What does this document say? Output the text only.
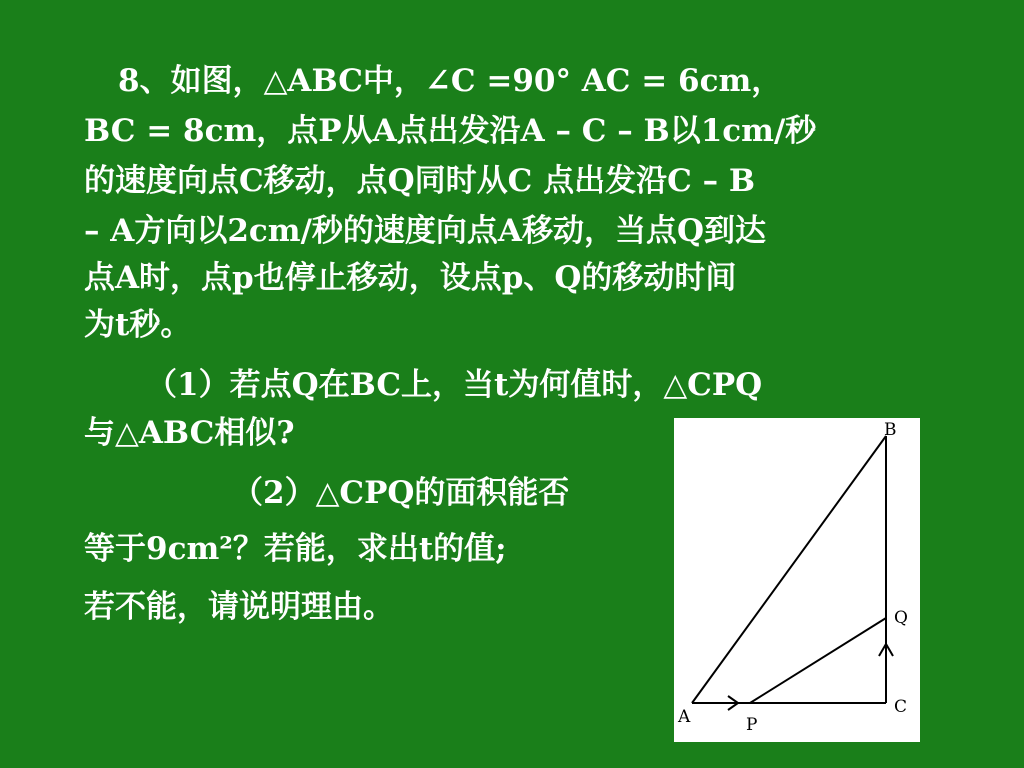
8、如图，△ABC中，∠C =90° AC = 6cm，
BC = 8cm，点P从A点出发沿A – C – B以1cm/秒
的速度向点C移动，点Q同时从C 点出发沿C – B
– A方向以2cm/秒的速度向点A移动，当点Q到达
点A时，点p也停止移动，设点p、Q的移动时间
为t秒。
（1）若点Q在BC上，当t为何值时，△CPQ
与△ABC相似?
（2）△CPQ的面积能否
等于9cm²？若能，求出t的值;
若不能，请说明理由。
B
Q
A	P
C
